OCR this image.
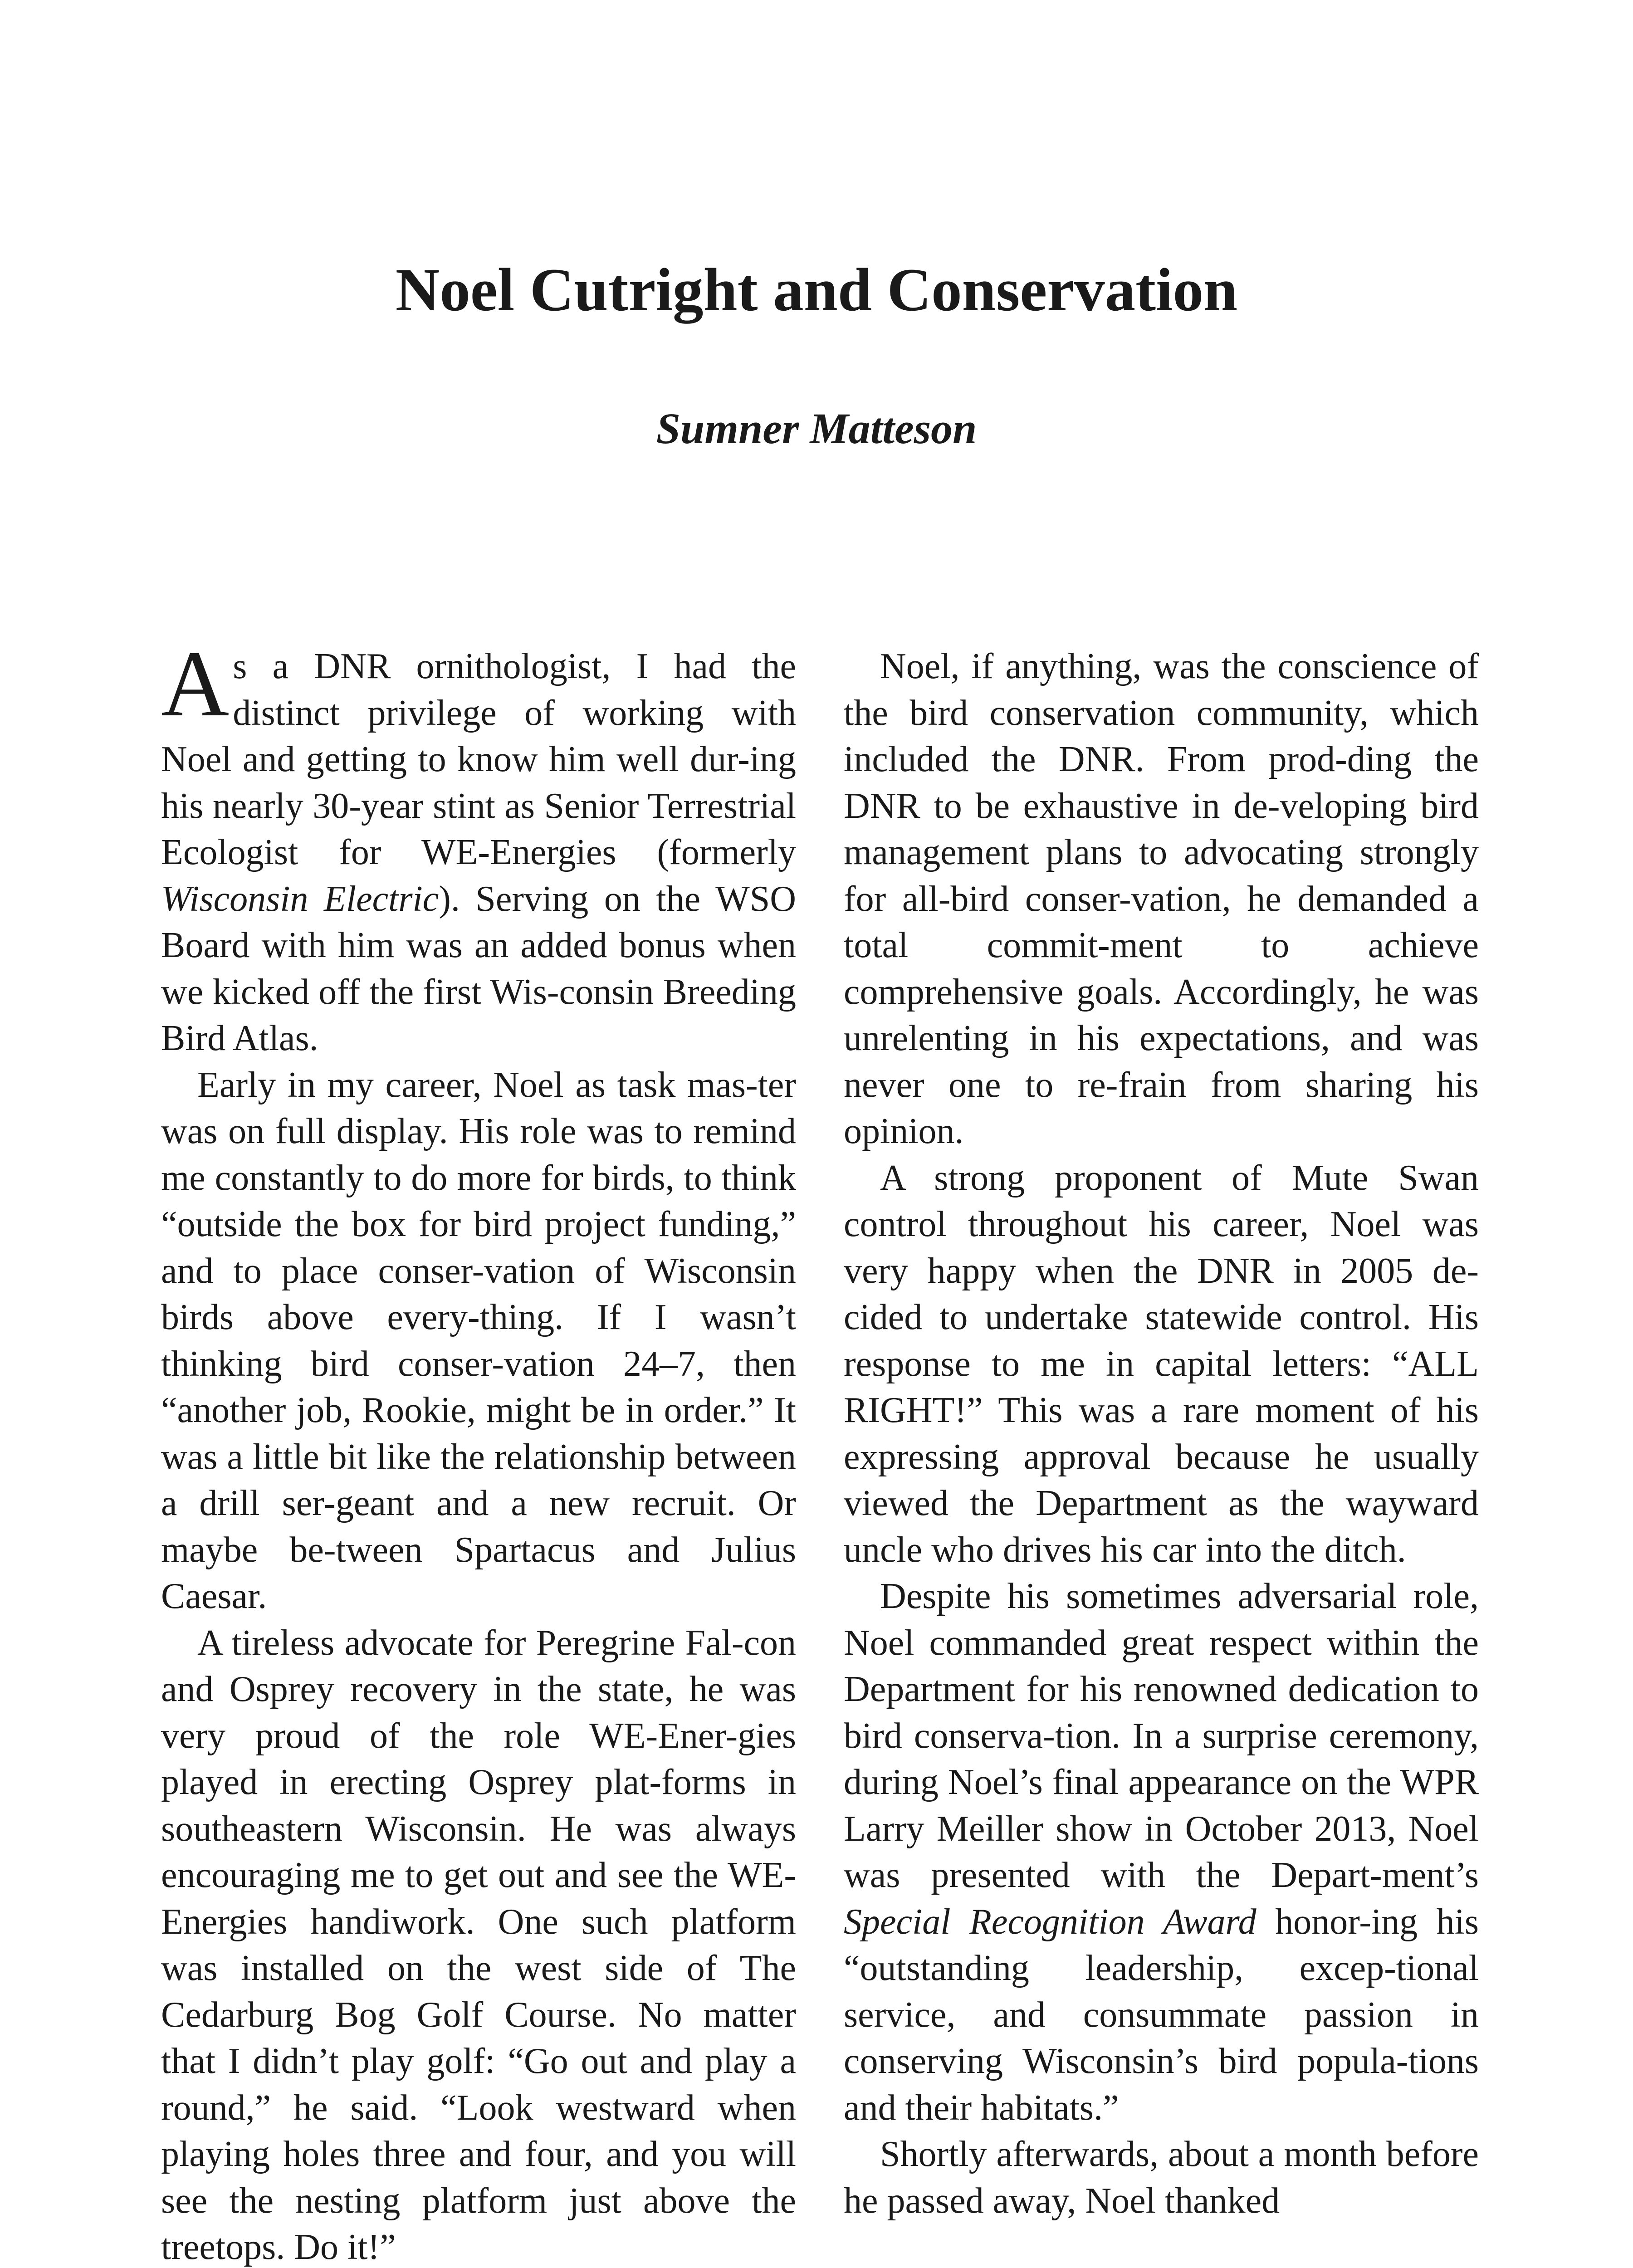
Noel Cutright and Conservation
Sumner Matteson

As a DNR ornithologist, I had the distinct privilege of working with Noel and getting to know him well dur-ing his nearly 30-year stint as Senior Terrestrial Ecologist for WE-Energies (formerly Wisconsin Electric). Serving on the WSO Board with him was an added bonus when we kicked off the first Wis-consin Breeding Bird Atlas.

Early in my career, Noel as task mas-ter was on full display. His role was to remind me constantly to do more for birds, to think “outside the box for bird project funding,” and to place conser-vation of Wisconsin birds above every-thing. If I wasn’t thinking bird conser-vation 24–7, then “another job, Rookie, might be in order.” It was a little bit like the relationship between a drill ser-geant and a new recruit. Or maybe be-tween Spartacus and Julius Caesar.

A tireless advocate for Peregrine Fal-con and Osprey recovery in the state, he was very proud of the role WE-Ener-gies played in erecting Osprey plat-forms in southeastern Wisconsin. He was always encouraging me to get out and see the WE-Energies handiwork. One such platform was installed on the west side of The Cedarburg Bog Golf Course. No matter that I didn’t play golf: “Go out and play a round,” he said. “Look westward when playing holes three and four, and you will see the nesting platform just above the treetops. Do it!”

Noel, if anything, was the conscience of the bird conservation community, which included the DNR. From prod-ding the DNR to be exhaustive in de-veloping bird management plans to advocating strongly for all-bird conser-vation, he demanded a total commit-ment to achieve comprehensive goals. Accordingly, he was unrelenting in his expectations, and was never one to re-frain from sharing his opinion.

A strong proponent of Mute Swan control throughout his career, Noel was very happy when the DNR in 2005 de-cided to undertake statewide control. His response to me in capital letters: “ALL RIGHT!” This was a rare moment of his expressing approval because he usually viewed the Department as the wayward uncle who drives his car into the ditch.

Despite his sometimes adversarial role, Noel commanded great respect within the Department for his renowned dedication to bird conserva-tion. In a surprise ceremony, during Noel’s final appearance on the WPR Larry Meiller show in October 2013, Noel was presented with the Depart-ment’s Special Recognition Award honor-ing his “outstanding leadership, excep-tional service, and consummate passion in conserving Wisconsin’s bird popula-tions and their habitats.”

Shortly afterwards, about a month before he passed away, Noel thanked
